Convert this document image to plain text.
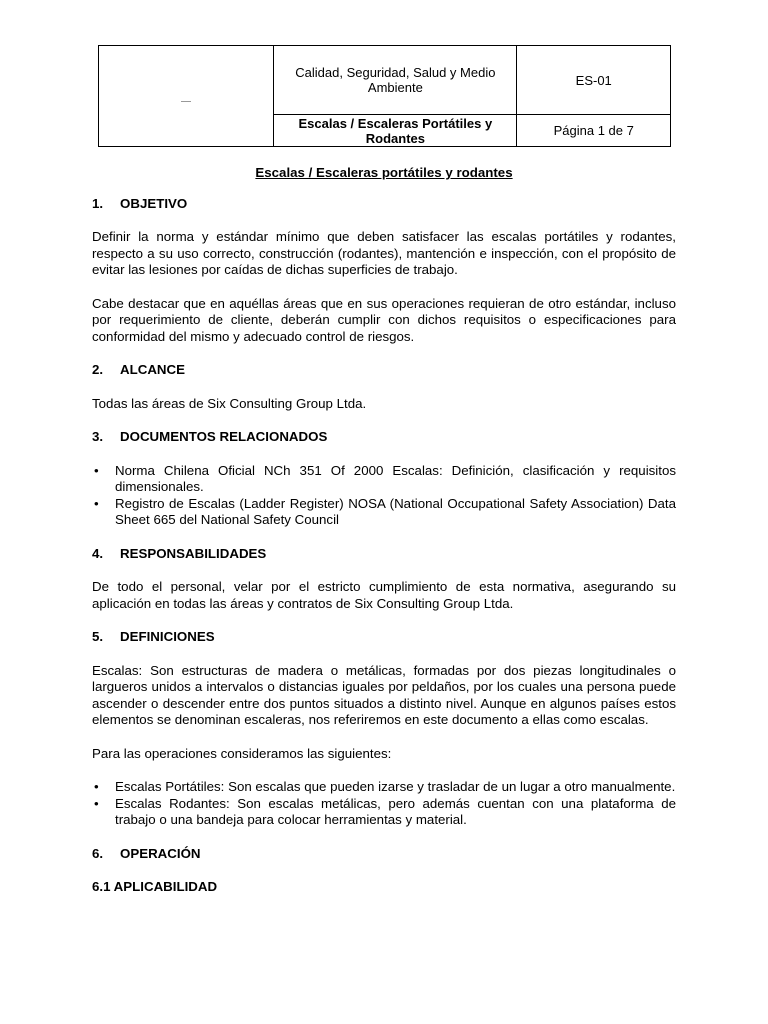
	Calidad, Seguridad, Salud y Medio Ambiente	ES-01
	Escalas / Escaleras Portátiles y Rodantes	Página 1 de 7
Escalas / Escaleras portátiles y rodantes
1.	OBJETIVO

Definir la norma y estándar mínimo que deben satisfacer las escalas portátiles y rodantes, respecto a su uso correcto, construcción (rodantes), mantención e inspección, con el propósito de evitar las lesiones por caídas de dichas superficies de trabajo.

Cabe destacar que en aquéllas áreas que en sus operaciones requieran de otro estándar, incluso por requerimiento de cliente, deberán cumplir con dichos requisitos o especificaciones para conformidad del mismo y adecuado control de riesgos.

2.	ALCANCE

Todas las áreas de Six Consulting Group Ltda.

3.	DOCUMENTOS RELACIONADOS
• Norma Chilena Oficial NCh 351 Of 2000 Escalas: Definición, clasificación y requisitos dimensionales.
• Registro de Escalas (Ladder Register) NOSA (National Occupational Safety Association) Data Sheet 665 del National Safety Council
4.	RESPONSABILIDADES

De todo el personal, velar por el estricto cumplimiento de esta normativa, asegurando su aplicación en todas las áreas y contratos de Six Consulting Group Ltda.

5.	DEFINICIONES

Escalas: Son estructuras de madera o metálicas, formadas por dos piezas longitudinales o largueros unidos a intervalos o distancias iguales por peldaños, por los cuales una persona puede ascender o descender entre dos puntos situados a distinto nivel. Aunque en algunos países estos elementos se denominan escaleras, nos referiremos en este documento a ellas como escalas.

Para las operaciones consideramos las siguientes:

• Escalas Portátiles: Son escalas que pueden izarse y trasladar de un lugar a otro manualmente.
• Escalas Rodantes: Son escalas metálicas, pero además cuentan con una plataforma de trabajo o una bandeja para colocar herramientas y material.
6.	OPERACIÓN
6.1 APLICABILIDAD
